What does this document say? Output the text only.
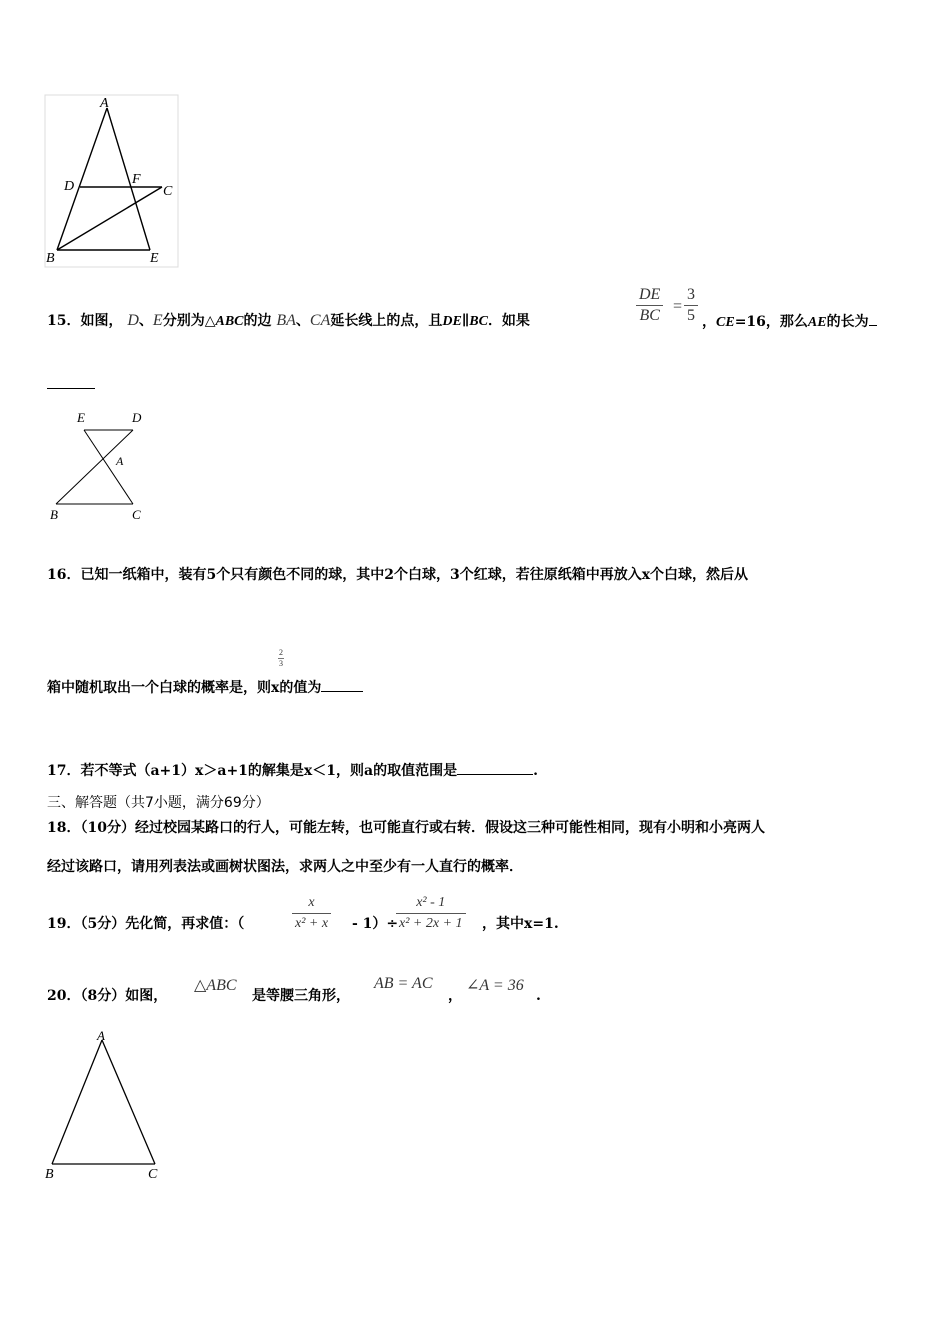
A
D	F
C
B	E
15．如图， D、E分别为△ABC的边 BA、CA延长线上的点，且DE∥BC．如果	$\frac{DE}{BC} = \frac{3}{5}$ ，CE=16，那么AE的长为
E	D
A
B	C
16．已知一纸箱中，装有5个只有颜色不同的球，其中2个白球，3个红球，若往原纸箱中再放入x个白球，然后从
$\frac{2}{3}$
箱中随机取出一个白球的概率是，则x的值为
17．若不等式（a+1）x＞a+1的解集是x＜1，则a的取值范围是	.
三、解答题（共7小题，满分69分）
18．（10分）经过校园某路口的行人，可能左转，也可能直行或右转．假设这三种可能性相同，现有小明和小亮两人
经过该路口，请用列表法或画树状图法，求两人之中至少有一人直行的概率．
19．（5分）先化简，再求值：（	$\frac{x}{\text{x² + x}} - 1)\div$
$\frac{\text{x² - 1}}{\text{x² + 2x + 1}}$ ，其中x=1.
20．（8分）如图，
△ABC
是等腰三角形，
AB = AC
，
∠A = 36
.
A
B	C
